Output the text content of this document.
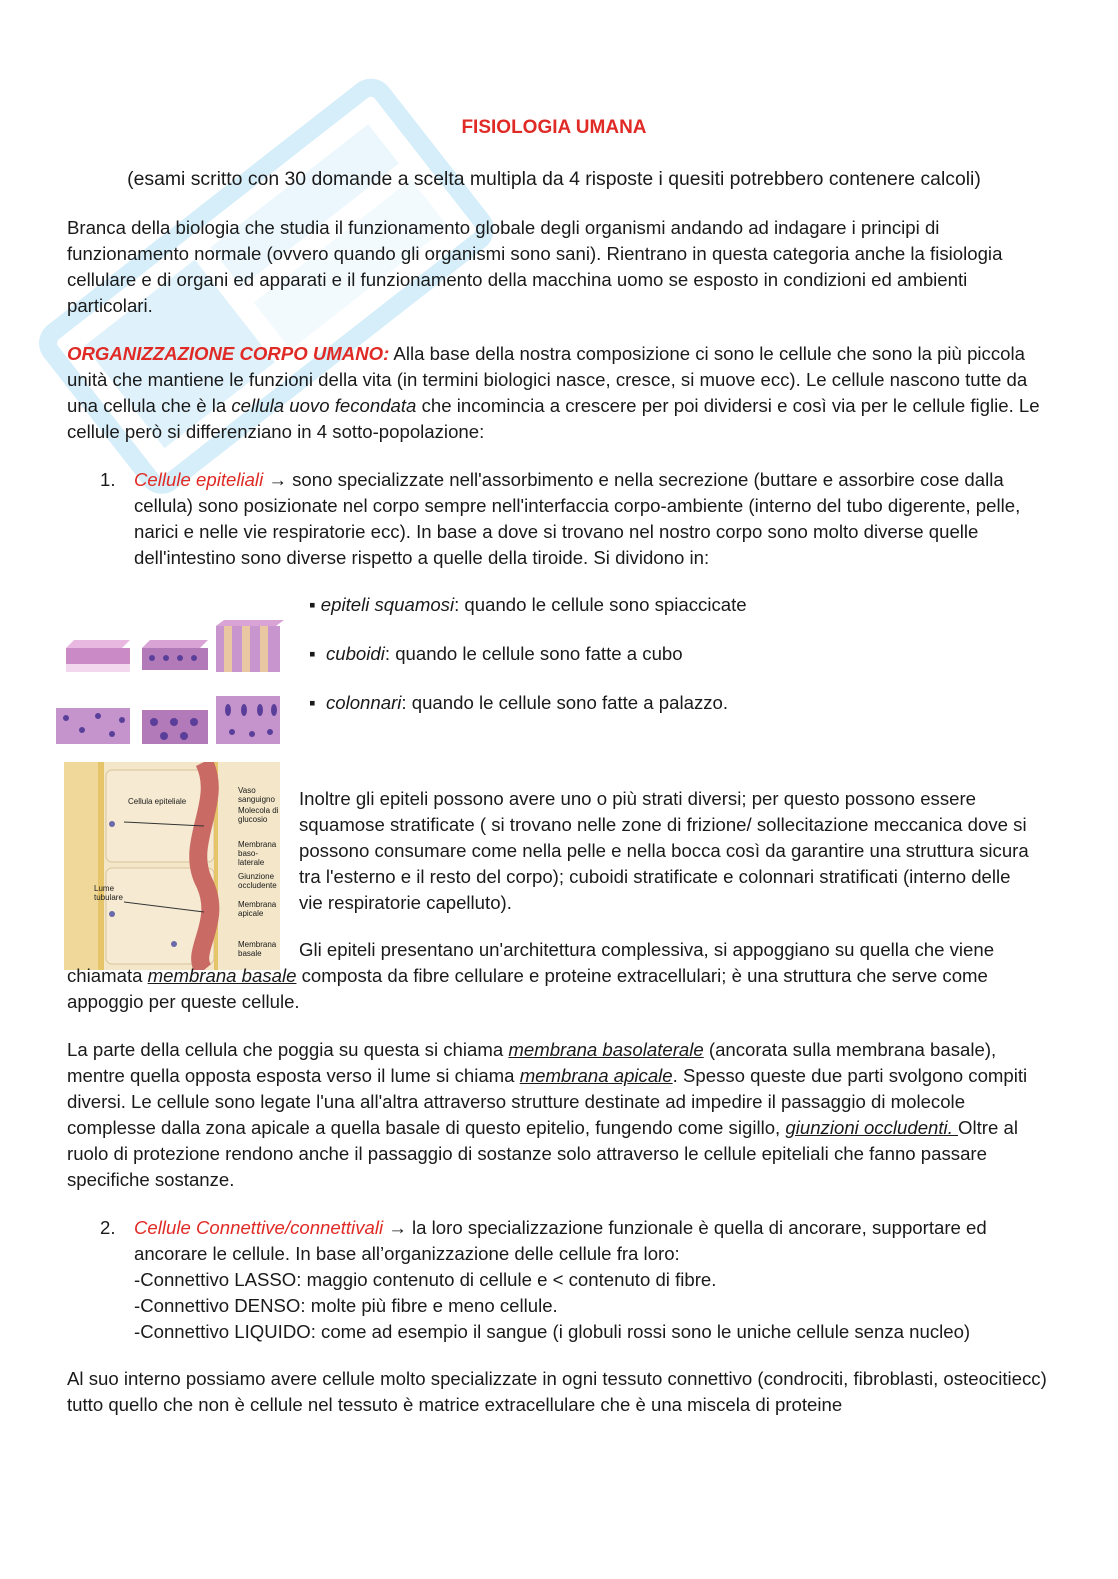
FISIOLOGIA UMANA
(esami scritto con 30 domande a scelta multipla da 4 risposte i quesiti potrebbero contenere calcoli)

Branca della biologia che studia il funzionamento globale degli organismi andando ad indagare i principi di funzionamento normale (ovvero quando gli organismi sono sani). Rientrano in questa categoria anche la fisiologia cellulare e di organi ed apparati e il funzionamento della macchina uomo se esposto in condizioni ed ambienti particolari.

ORGANIZZAZIONE CORPO UMANO: Alla base della nostra composizione ci sono le cellule che sono la più piccola unità che mantiene le funzioni della vita (in termini biologici nasce, cresce, si muove ecc). Le cellule nascono tutte da una cellula che è la cellula uovo fecondata che incomincia a crescere per poi dividersi e così via per le cellule figlie. Le cellule però si differenziano in 4 sotto-popolazione:

1. Cellule epiteliali → sono specializzate nell'assorbimento e nella secrezione (buttare e assorbire cose dalla cellula) sono posizionate nel corpo sempre nell'interfaccia corpo-ambiente (interno del tubo digerente, pelle, narici e nelle vie respiratorie ecc). In base a dove si trovano nel nostro corpo sono molto diverse quelle dell'intestino sono diverse rispetto a quelle della tiroide. Si dividono in:

▪ epiteli squamosi: quando le cellule sono spiaccicate
▪  cuboidi: quando le cellule sono fatte a cubo
▪  colonnari: quando le cellule sono fatte a palazzo.
Cellula epiteliale
Vaso sanguigno
Molecola di glucosio
Membrana baso-laterale
Giunzione occludente
Lume tubulare
Membrana apicale
Membrana basale

Inoltre gli epiteli possono avere uno o più strati diversi; per questo possono essere squamose stratificate ( si trovano nelle zone di frizione/ sollecitazione meccanica dove si possono consumare come nella pelle e nella bocca così da garantire una struttura sicura tra l'esterno e il resto del corpo); cuboidi stratificate e colonnari stratificati (interno delle vie respiratorie capelluto).

Gli epiteli presentano un'architettura complessiva, si appoggiano su quella che viene chiamata membrana basale composta da fibre cellulare e proteine extracellulari; è una struttura che serve come appoggio per queste cellule.

La parte della cellula che poggia su questa si chiama membrana basolaterale (ancorata sulla membrana basale), mentre quella opposta esposta verso il lume si chiama membrana apicale. Spesso queste due parti svolgono compiti diversi. Le cellule sono legate l'una all'altra attraverso strutture destinate ad impedire il passaggio di molecole complesse dalla zona apicale a quella basale di questo epitelio, fungendo come sigillo, giunzioni occludenti. Oltre al ruolo di protezione rendono anche il passaggio di sostanze solo attraverso le cellule epiteliali che fanno passare specifiche sostanze.

2. Cellule Connettive/connettivali → la loro specializzazione funzionale è quella di ancorare, supportare ed ancorare le cellule. In base all’organizzazione delle cellule fra loro:

-Connettivo LASSO: maggio contenuto di cellule e < contenuto di fibre.

-Connettivo DENSO: molte più fibre e meno cellule.

-Connettivo LIQUIDO: come ad esempio il sangue (i globuli rossi sono le uniche cellule senza nucleo)

Al suo interno possiamo avere cellule molto specializzate in ogni tessuto connettivo (condrociti, fibroblasti, osteocitiecc) tutto quello che non è cellule nel tessuto è matrice extracellulare che è una miscela di proteine
